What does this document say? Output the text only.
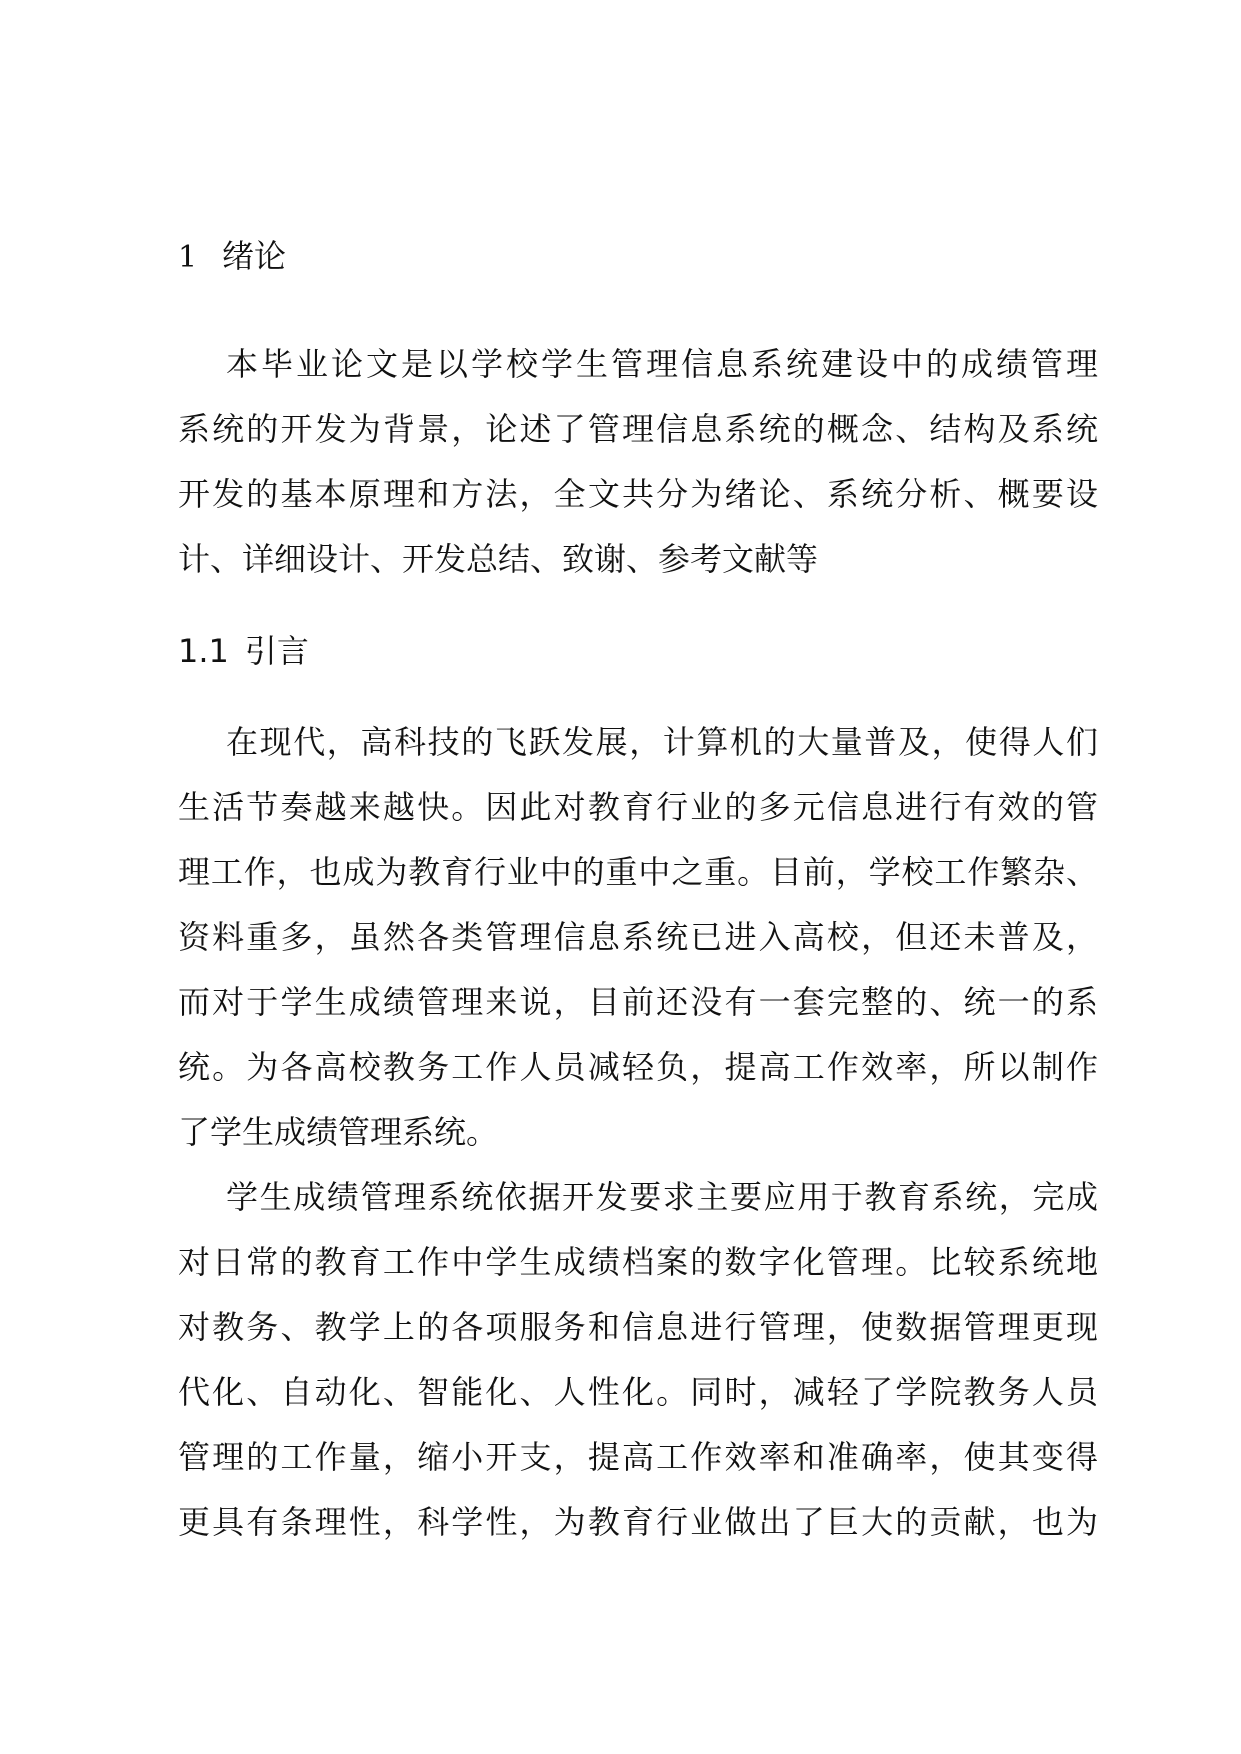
1 绪论
本毕业论文是以学校学生管理信息系统建设中的成绩管理
系统的开发为背景，论述了管理信息系统的概念、结构及系统
开发的基本原理和方法，全文共分为绪论、系统分析、概要设
计、详细设计、开发总结、致谢、参考文献等
1.1 引言
在现代，高科技的飞跃发展，计算机的大量普及，使得人们
生活节奏越来越快。因此对教育行业的多元信息进行有效的管
理工作，也成为教育行业中的重中之重。目前，学校工作繁杂、
资料重多，虽然各类管理信息系统已进入高校，但还未普及，
而对于学生成绩管理来说，目前还没有一套完整的、统一的系
统。为各高校教务工作人员减轻负，提高工作效率，所以制作
了学生成绩管理系统。
学生成绩管理系统依据开发要求主要应用于教育系统，完成
对日常的教育工作中学生成绩档案的数字化管理。比较系统地
对教务、教学上的各项服务和信息进行管理，使数据管理更现
代化、自动化、智能化、人性化。同时，减轻了学院教务人员
管理的工作量，缩小开支，提高工作效率和准确率，使其变得
更具有条理性，科学性，为教育行业做出了巨大的贡献，也为
